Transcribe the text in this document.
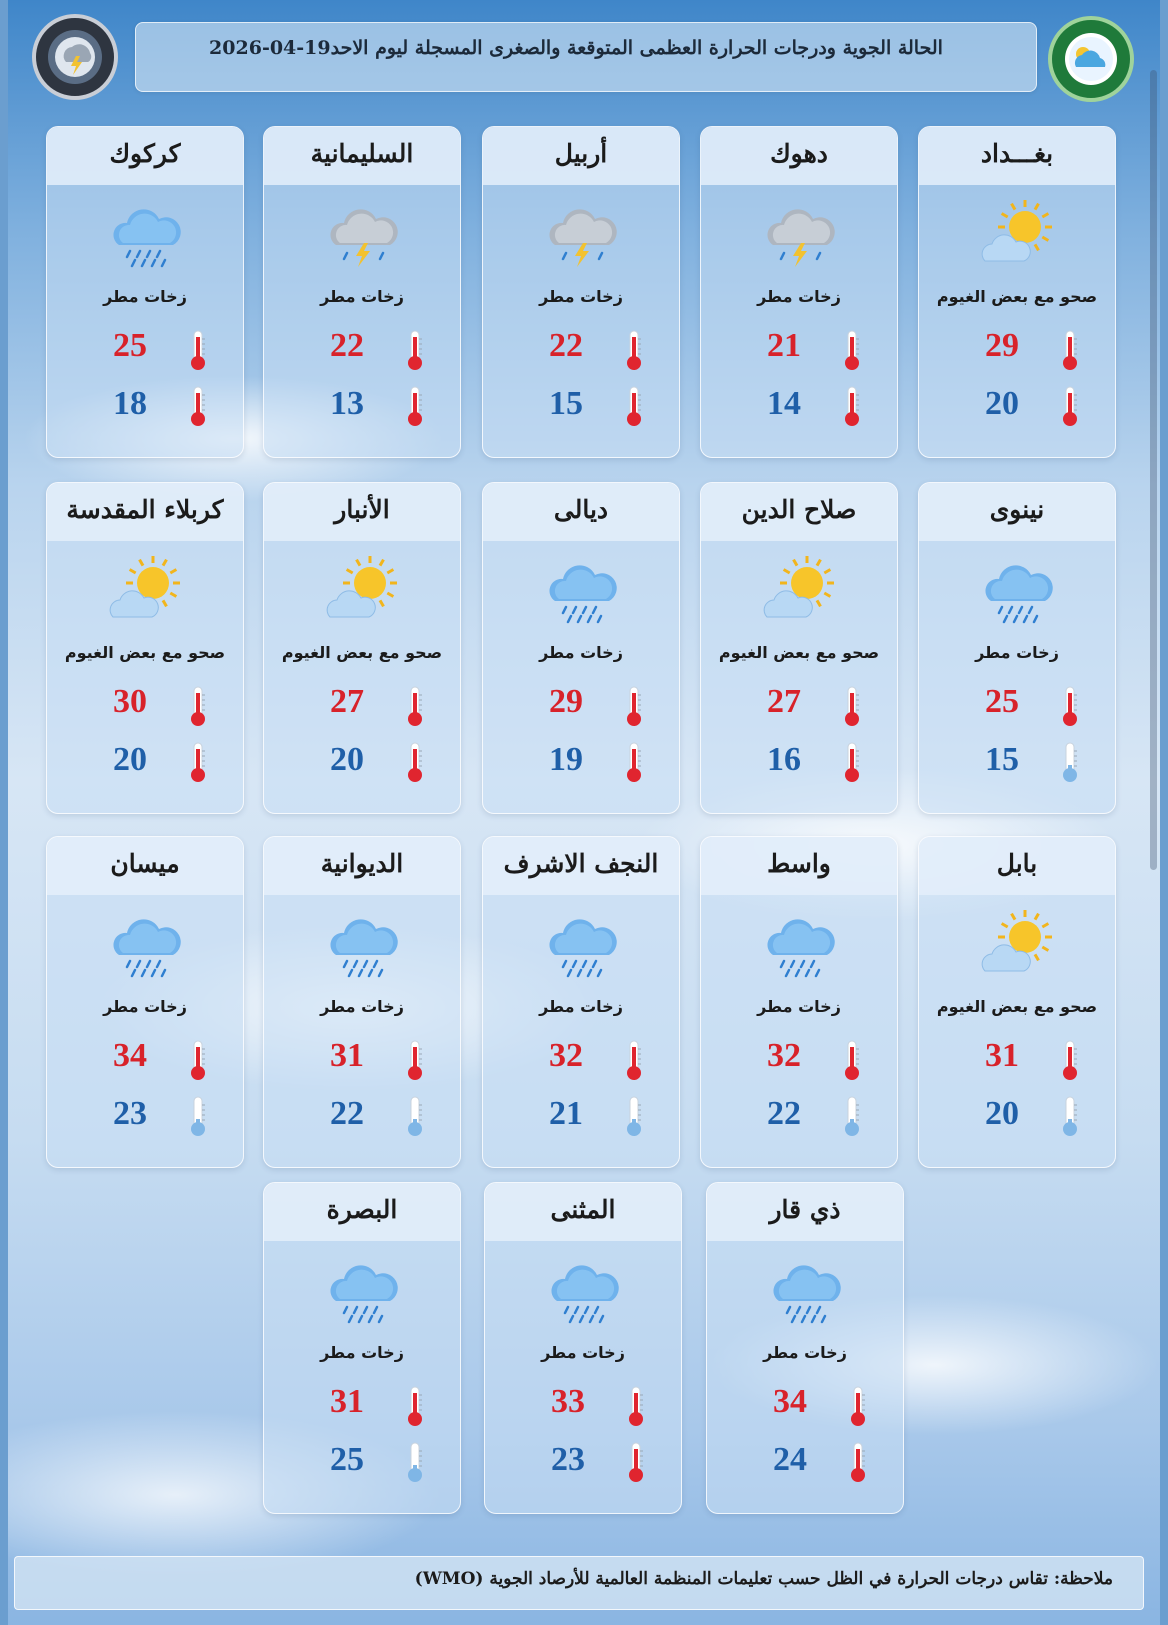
الحالة الجوية ودرجات الحرارة العظمى المتوقعة والصغرى المسجلة ليوم الاحد19-04-2026
بغـــداد
صحو مع بعض الغيوم
29
20
دهوك
زخات مطر
21
14
أربيل
زخات مطر
22
15
السليمانية
زخات مطر
22
13
كركوك
زخات مطر
25
18
نينوى
زخات مطر
25
15
صلاح الدين
صحو مع بعض الغيوم
27
16
ديالى
زخات مطر
29
19
الأنبار
صحو مع بعض الغيوم
27
20
كربلاء المقدسة
صحو مع بعض الغيوم
30
20
بابل
صحو مع بعض الغيوم
31
20
واسط
زخات مطر
32
22
النجف الاشرف
زخات مطر
32
21
الديوانية
زخات مطر
31
22
ميسان
زخات مطر
34
23
ذي قار
زخات مطر
34
24
المثنى
زخات مطر
33
23
البصرة
زخات مطر
31
25
ملاحظة: تقاس درجات الحرارة في الظل حسب تعليمات المنظمة العالمية للأرصاد الجوية (WMO)
